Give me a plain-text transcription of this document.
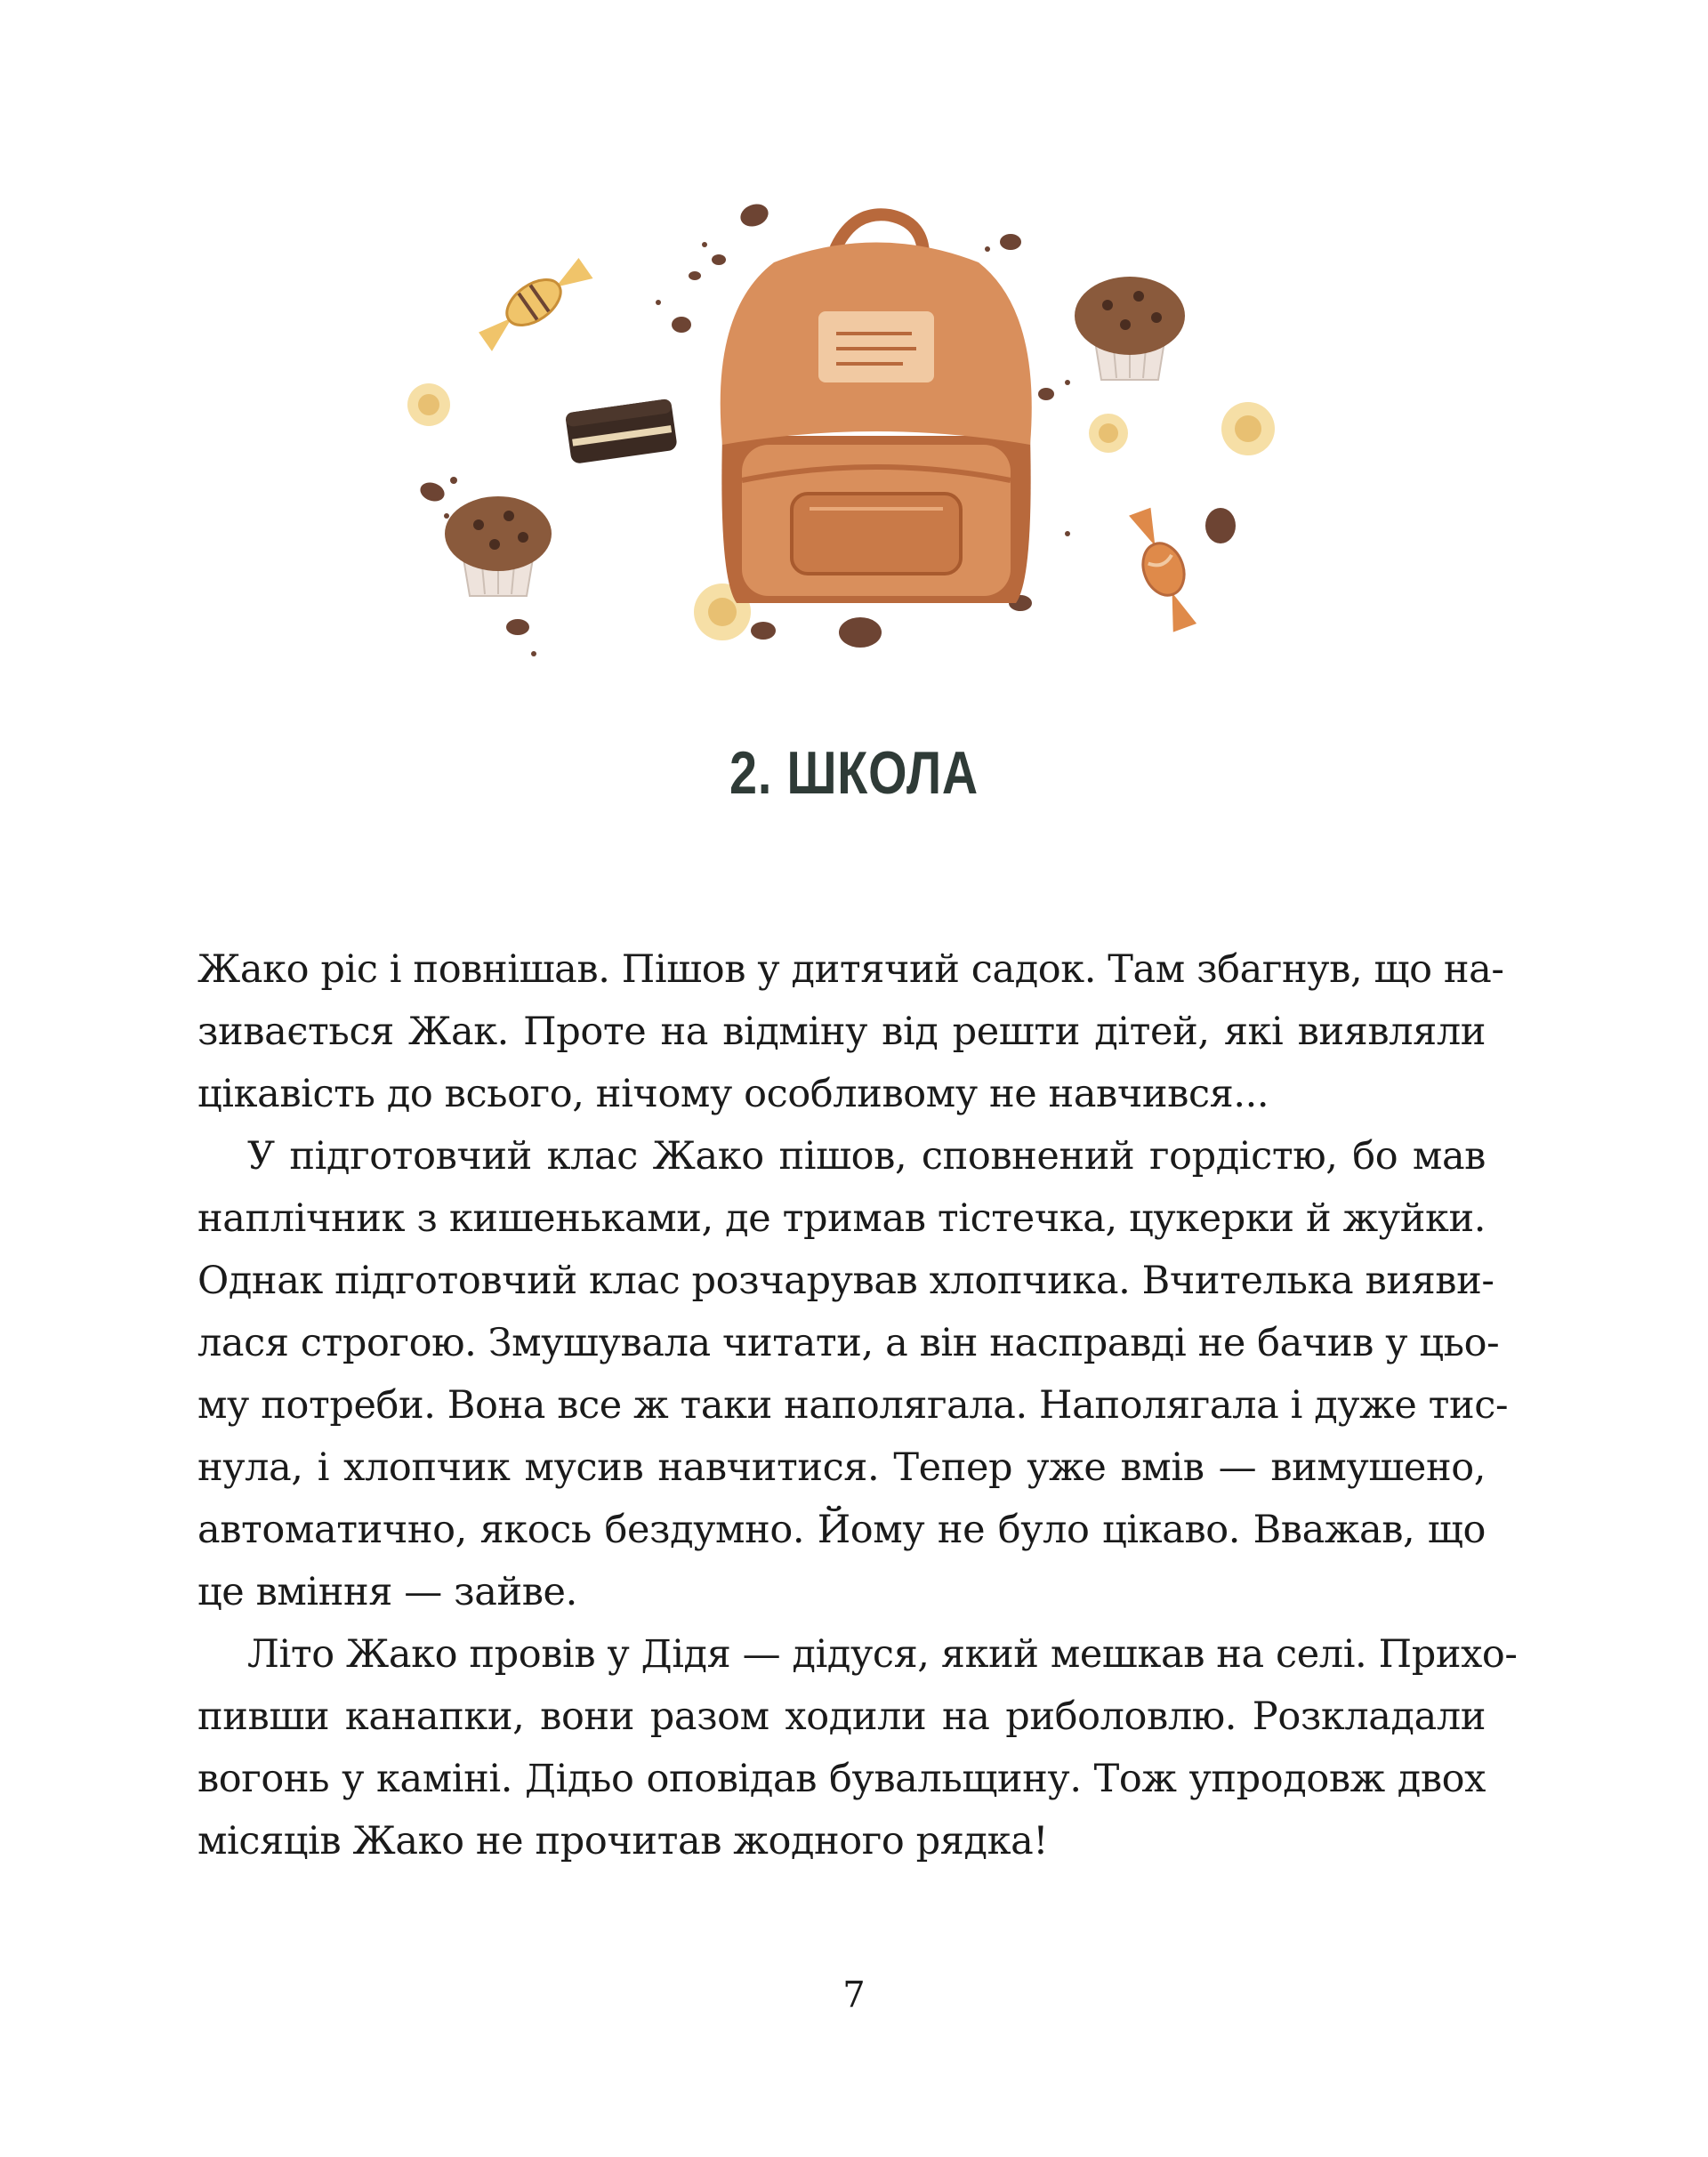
2. ШКОЛА
Жако ріс і повнішав. Пішов у дитячий садок. Там збагнув, що на-
зивається Жак. Проте на відміну від решти дітей, які виявляли
цікавість до всього, нічому особливому не навчився...
У підготовчий клас Жако пішов, сповнений гордістю, бо мав
наплічник з кишеньками, де тримав тістечка, цукерки й жуйки.
Однак підготовчий клас розчарував хлопчика. Вчителька вияви-
лася строгою. Змушувала читати, а він насправді не бачив у цьо-
му потреби. Вона все ж таки наполягала. Наполягала і дуже тис-
нула, і хлопчик мусив навчитися. Тепер уже вмів — вимушено,
автоматично, якось бездумно. Йому не було цікаво. Вважав, що
це вміння — зайве.
Літо Жако провів у Дідя — дідуся, який мешкав на селі. Прихо-
пивши канапки, вони разом ходили на риболовлю. Розкладали
вогонь у каміні. Дідьо оповідав бувальщину. Тож упродовж двох
місяців Жако не прочитав жодного рядка!
7
